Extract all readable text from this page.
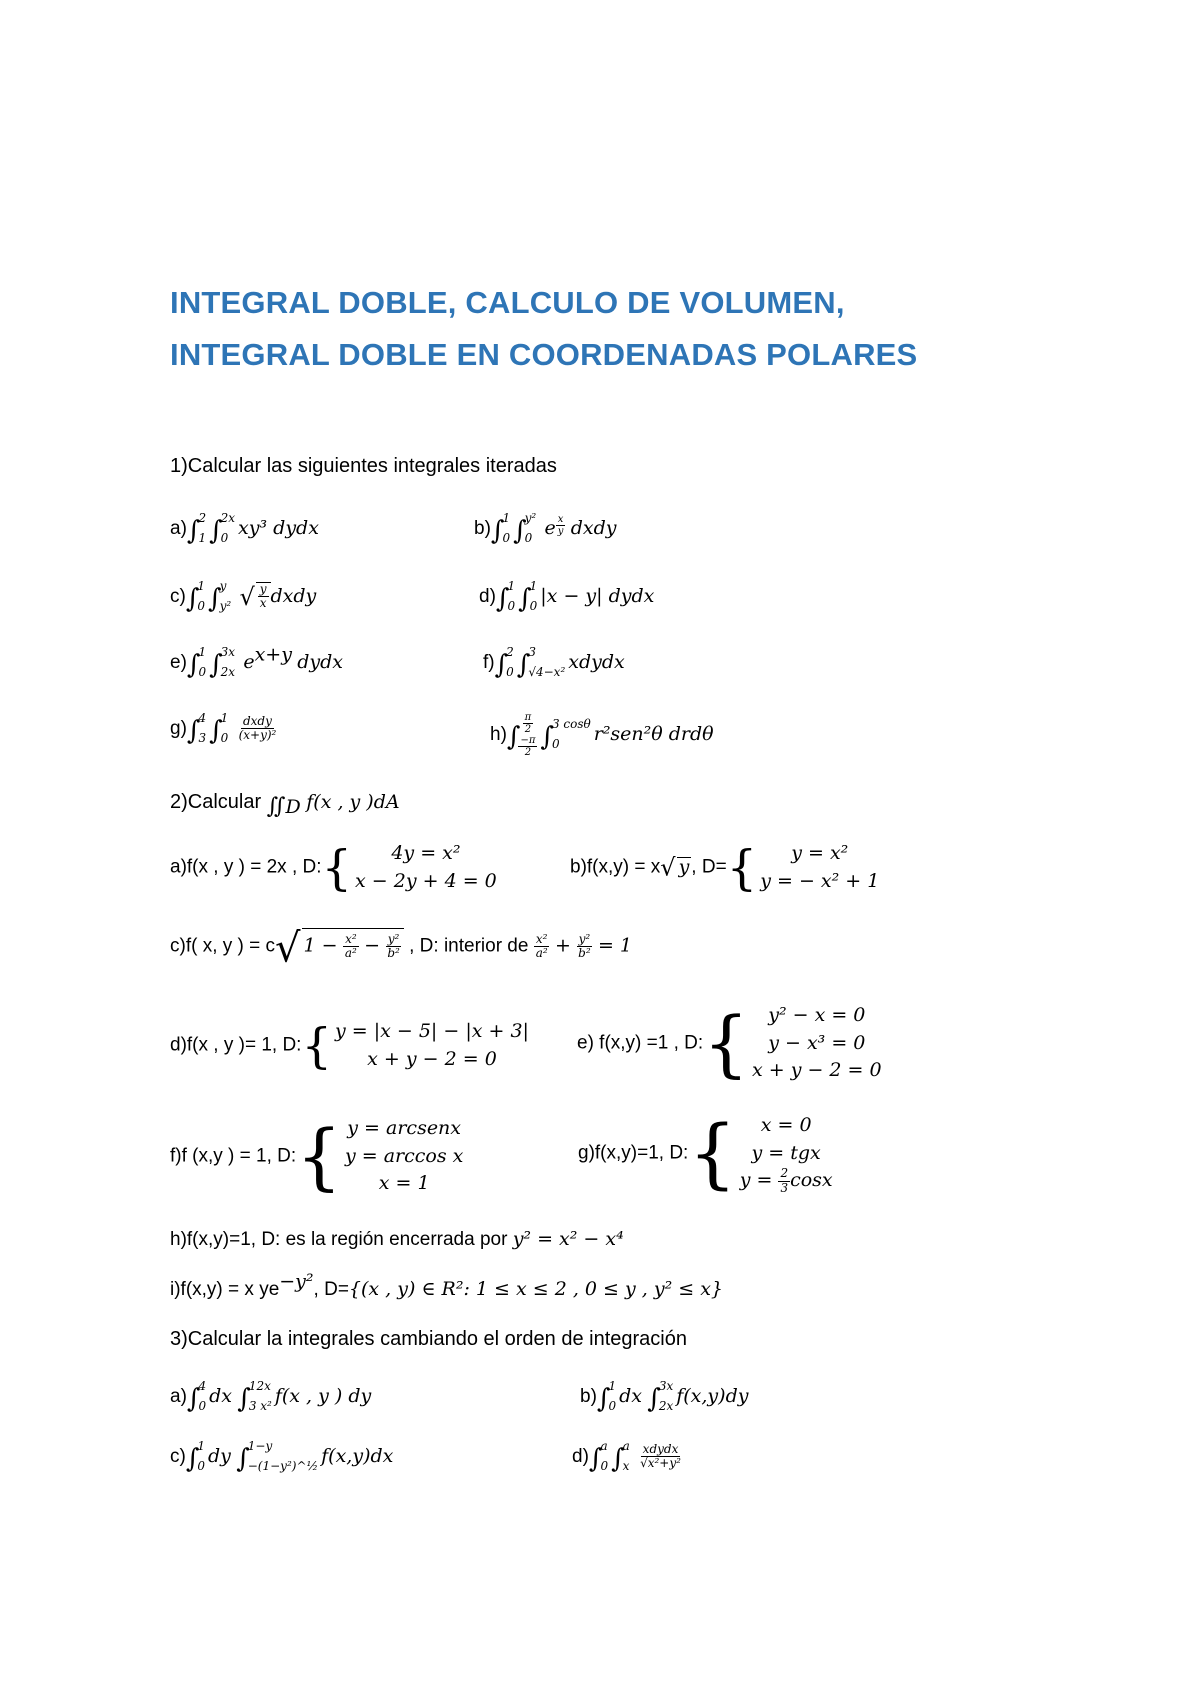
INTEGRAL DOBLE, CALCULO DE VOLUMEN,
INTEGRAL DOBLE EN COORDENADAS POLARES
1)Calcular las siguientes integrales iteradas
a)∫
2
1 ∫
2x
0 xy³ dydx	b)∫
1
0 ∫
y²
0 e $\frac{x}{y}$ dxdy
c)∫
1
0 ∫
y
y² √ $\frac{y}{x}$ dxdy	d)∫
1
0 ∫
1
0 |x − y| dydx
e)∫
1
0 ∫
3x
2x $e^{x+y}$ dydx	f)∫
2
0 ∫
3
√4−x² xdydx
g)∫
4
3 ∫
1
0
$\frac{\text{dxdy}}{\text{(x+y)²}}$	h)∫
$\frac{\pi}{2}$
$\frac{-\pi}{2}$ ∫
3 cosθ
0	r²sen²θ drdθ
2)Calcular $∬_D$ f(x , y )dA
a)f(x , y ) = 2x , D: { 4y = x²
x − 2y + 4 = 0
b)f(x,y) = x√ y , D= { y = x²
y = − x² + 1
c)f( x, y ) = c√ $1 - \frac{\text{x²}}{\text{a²}} - \frac{\text{y²}}{\text{b²}}$ , D: interior de $\frac{\text{x²}}{\text{a²}} + \frac{\text{y²}}{\text{b²}} = 1$
d)f(x , y )= 1, D: { y = |x − 5| − |x + 3|
x + y − 2 = 0
e) f(x,y) =1 , D: { y² − x = 0
y − x³ = 0
x + y − 2 = 0
f)f (x,y ) = 1, D: { y = arcsenx
y = arccos x
x = 1
g)f(x,y)=1, D: { x = 0
y = tgx
$y = \frac{2}{3}$ cosx
h)f(x,y)=1, D: es la región encerrada por y² = x² − x⁴
i)f(x,y) = x $ye^{-y^2}$, D={(x , y) ∈ R²: 1 ≤ x ≤ 2 , 0 ≤ y , y² ≤ x}
3)Calcular la integrales cambiando el orden de integración
a)∫
4
0 dx ∫
12x
3 x² f(x , y ) dy	b)∫
1
0 dx ∫
3x
2x f(x,y)dy
c)∫
1
0 dy ∫
1−y
−(1−y²)^½ f(x,y)dx	d)∫
a
0 ∫
a
x
$\frac{\text{xdydx}}{\text{√x²+y²}}$
